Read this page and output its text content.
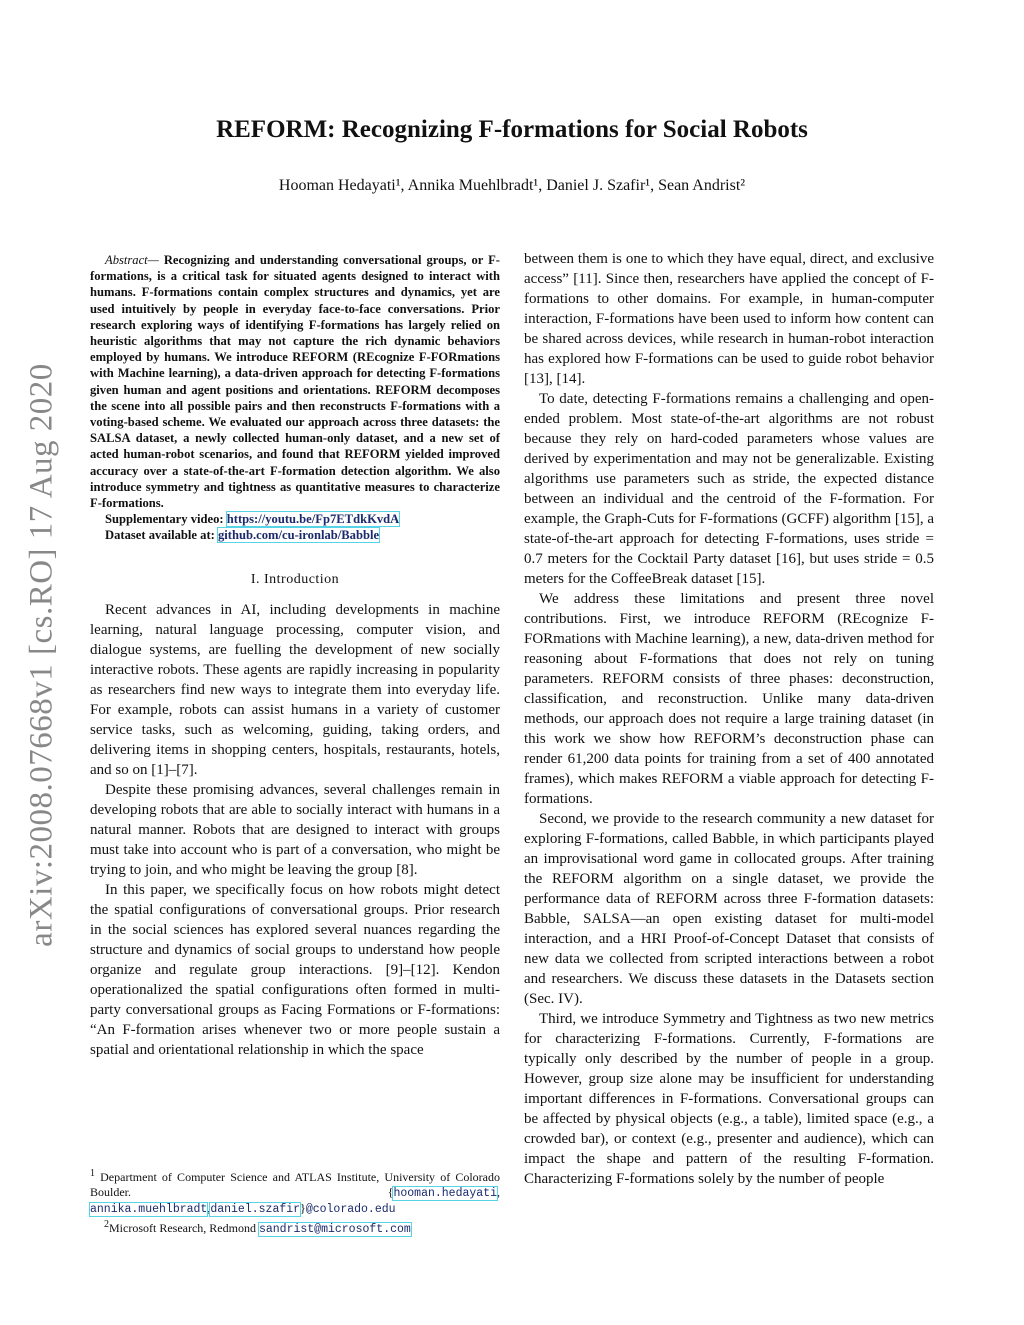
arXiv:2008.07668v1 [cs.RO] 17 Aug 2020
REFORM: Recognizing F-formations for Social Robots
Hooman Hedayati¹, Annika Muehlbradt¹, Daniel J. Szafir¹, Sean Andrist²
Abstract— Recognizing and understanding conversational groups, or F-formations, is a critical task for situated agents designed to interact with humans. F-formations contain complex structures and dynamics, yet are used intuitively by people in everyday face-to-face conversations. Prior research exploring ways of identifying F-formations has largely relied on heuristic algorithms that may not capture the rich dynamic behaviors employed by humans. We introduce REFORM (REcognize F-FORmations with Machine learning), a data-driven approach for detecting F-formations given human and agent positions and orientations. REFORM decomposes the scene into all possible pairs and then reconstructs F-formations with a voting-based scheme. We evaluated our approach across three datasets: the SALSA dataset, a newly collected human-only dataset, and a new set of acted human-robot scenarios, and found that REFORM yielded improved accuracy over a state-of-the-art F-formation detection algorithm. We also introduce symmetry and tightness as quantitative measures to characterize F-formations.
Supplementary video: https://youtu.be/Fp7ETdkKvdA
Dataset available at: github.com/cu-ironlab/Babble
I. Introduction

Recent advances in AI, including developments in machine learning, natural language processing, computer vision, and dialogue systems, are fuelling the development of new socially interactive robots. These agents are rapidly increasing in popularity as researchers find new ways to integrate them into everyday life. For example, robots can assist humans in a variety of customer service tasks, such as welcoming, guiding, taking orders, and delivering items in shopping centers, hospitals, restaurants, hotels, and so on [1]–[7].

Despite these promising advances, several challenges remain in developing robots that are able to socially interact with humans in a natural manner. Robots that are designed to interact with groups must take into account who is part of a conversation, who might be trying to join, and who might be leaving the group [8].

In this paper, we specifically focus on how robots might detect the spatial configurations of conversational groups. Prior research in the social sciences has explored several nuances regarding the structure and dynamics of social groups to understand how people organize and regulate group interactions. [9]–[12]. Kendon operationalized the spatial configurations often formed in multi-party conversational groups as Facing Formations or F-formations: “An F-formation arises whenever two or more people sustain a spatial and orientational relationship in which the space

$^1$ Department of Computer Science and ATLAS Institute, University of Colorado Boulder. {hooman.hedayati, annika.muehlbradt,daniel.szafir}@colorado.edu
$^2$Microsoft Research, Redmond sandrist@microsoft.com

between them is one to which they have equal, direct, and exclusive access” [11]. Since then, researchers have applied the concept of F-formations to other domains. For example, in human-computer interaction, F-formations have been used to inform how content can be shared across devices, while research in human-robot interaction has explored how F-formations can be used to guide robot behavior [13], [14].

To date, detecting F-formations remains a challenging and open-ended problem. Most state-of-the-art algorithms are not robust because they rely on hard-coded parameters whose values are derived by experimentation and may not be generalizable. Existing algorithms use parameters such as stride, the expected distance between an individual and the centroid of the F-formation. For example, the Graph-Cuts for F-formations (GCFF) algorithm [15], a state-of-the-art approach for detecting F-formations, uses stride = 0.7 meters for the Cocktail Party dataset [16], but uses stride = 0.5 meters for the CoffeeBreak dataset [15].

We address these limitations and present three novel contributions. First, we introduce REFORM (REcognize F-FORmations with Machine learning), a new, data-driven method for reasoning about F-formations that does not rely on tuning parameters. REFORM consists of three phases: deconstruction, classification, and reconstruction. Unlike many data-driven methods, our approach does not require a large training dataset (in this work we show how REFORM’s deconstruction phase can render 61,200 data points for training from a set of 400 annotated frames), which makes REFORM a viable approach for detecting F-formations.

Second, we provide to the research community a new dataset for exploring F-formations, called Babble, in which participants played an improvisational word game in collocated groups. After training the REFORM algorithm on a single dataset, we provide the performance data of REFORM across three F-formation datasets: Babble, SALSA—an open existing dataset for multi-model interaction, and a HRI Proof-of-Concept Dataset that consists of new data we collected from scripted interactions between a robot and researchers. We discuss these datasets in the Datasets section (Sec. IV).

Third, we introduce Symmetry and Tightness as two new metrics for characterizing F-formations. Currently, F-formations are typically only described by the number of people in a group. However, group size alone may be insufficient for understanding important differences in F-formations. Conversational groups can be affected by physical objects (e.g., a table), limited space (e.g., a crowded bar), or context (e.g., presenter and audience), which can impact the shape and pattern of the resulting F-formation. Characterizing F-formations solely by the number of people
